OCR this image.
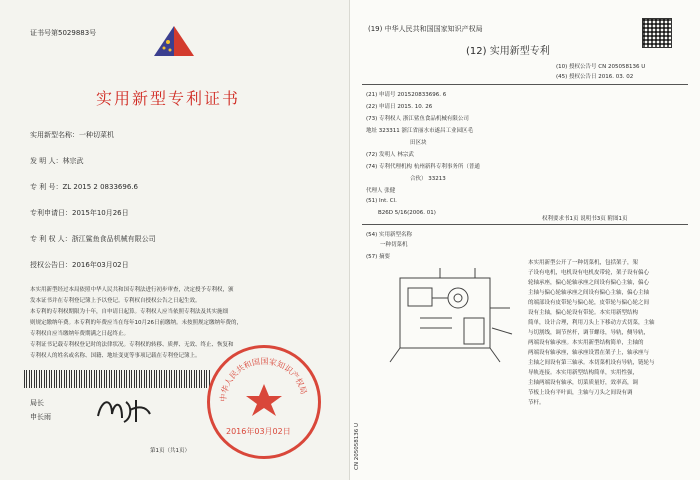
证书号第5029883号
实用新型专利证书
实用新型名称：一种切菜机
发 明 人：林宗武
专 利 号：ZL 2015 2 0833696.6
专利申请日：2015年10月26日
专 利 权 人：浙江鲨鱼食品机械有限公司
授权公告日：2016年03月02日
本实用新型经过本局依照中华人民共和国专利法进行初步审查，决定授予专利权，颁
发本证书并在专利登记簿上予以登记。专利权自授权公告之日起生效。
本专利的专利权期限为十年，自申请日起算。专利权人应当依照专利法及其实施细
则规定缴纳年费。本专利的年费应当在每年10月26日前缴纳。未按照规定缴纳年费的，
专利权自应当缴纳年费期满之日起终止。
专利证书记载专利权登记时的法律状况。专利权的转移、质押、无效、终止、恢复和
专利权人的姓名或名称、国籍、地址变更等事项记载在专利登记簿上。
局长
申长雨
中华人民共和国国家知识产权局
2016年03月02日
第1页（共1页）
(19) 中华人民共和国国家知识产权局
(12) 实用新型专利
(10) 授权公告号 CN 205058136 U
(45) 授权公告日 2016. 03. 02
(21) 申请号 201520833696. 6
(22) 申请日 2015. 10. 26
(73) 专利权人 浙江鲨鱼食品机械有限公司
地址 323311 浙江省丽水市遂昌工业园区毛
田区块
(72) 发明人 林宗武
(74) 专利代理机构 杭州新科专利事务所（普通
合伙） 33213
代理人 张健
(51) Int. Cl.
B26D 5/16(2006. 01)
权利要求书1页 说明书3页 附图1页
(54) 实用新型名称
一种切菜机
(57) 摘要
本实用新型公开了一种切菜机，包括架子，架
子设有电机，电机设有电机皮带轮，架子设有偏心
轮轴承座，偏心轮轴承座之间设有偏心主轴，偏心
主轴与偏心轮轴承座之间设有偏心主轴，偏心主轴
的端部设有皮带轮与偏心轮，皮带轮与偏心轮之间
设有主轴，偏心轮设有带轮。本实用新型结构
简单，设计合理，利用刀头上下移动方式切菜，主轴
与切割线，调节丝杆，调节螺母，导轨，侧导轨，
两端设有轴承座。本实用新型结构简单，主轴的
两端设有轴承座，轴承座设置在架子上，轴承座与
主轴之间设有第三轴承。本切菜机设有导轨，链轮与
导轨连接。本实用新型结构简单，实用性强，
主轴两端设有轴承，切菜质量好，效率高，调
节板上设有平叶面，主轴与刀头之间设有调
节杆。
CN 205058136 U
